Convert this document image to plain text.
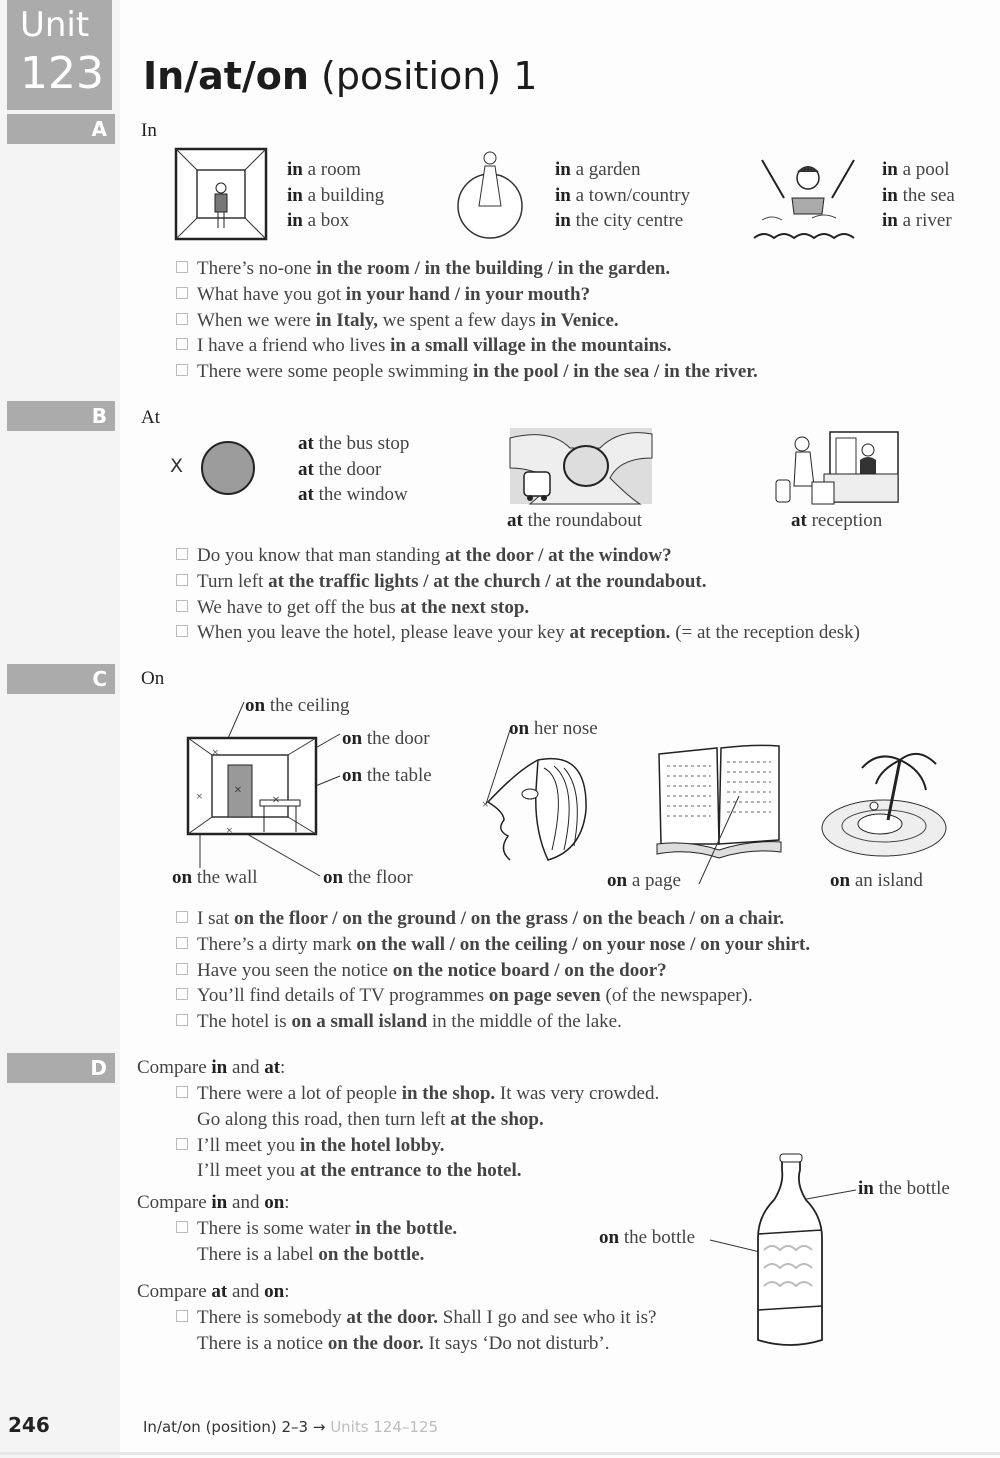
Unit
123 In/at/on (position) 1
A	In
in a room
in a building
in a box
in a garden
in a town/country
in the city centre
in a pool
in the sea
in a river
There’s no-one in the room / in the building / in the garden.
What have you got in your hand / in your mouth?
When we were in Italy, we spent a few days in Venice.
I have a friend who lives in a small village in the mountains.
There were some people swimming in the pool / in the sea / in the river.
B	At
X
at the bus stop
at the door
at the window
at the roundabout	at reception
Do you know that man standing at the door / at the window?
Turn left at the traffic lights / at the church / at the roundabout.
We have to get off the bus at the next stop.
When you leave the hotel, please leave your key at reception. (= at the reception desk)
C	On
×
×
×	×
×
on the ceiling
on the door
on the table
on the wall	on the floor
×
on her nose
on a page	on an island
I sat on the floor / on the ground / on the grass / on the beach / on a chair.
There’s a dirty mark on the wall / on the ceiling / on your nose / on your shirt.
Have you seen the notice on the notice board / on the door?
You’ll find details of TV programmes on page seven (of the newspaper).
The hotel is on a small island in the middle of the lake.
D	Compare in and at:
There were a lot of people in the shop. It was very crowded.
Go along this road, then turn left at the shop.
I’ll meet you in the hotel lobby.
I’ll meet you at the entrance to the hotel.
Compare in and on:
There is some water in the bottle.
There is a label on the bottle.
Compare at and on:
There is somebody at the door. Shall I go and see who it is?
There is a notice on the door. It says ‘Do not disturb’.
in the bottle
on the bottle
246	In/at/on (position) 2–3 → Units 124–125
